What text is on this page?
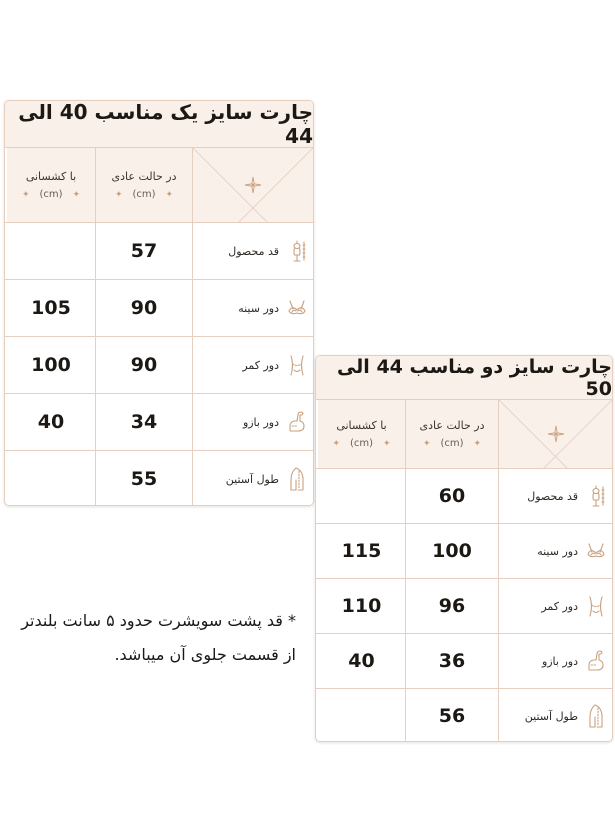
چارت سایز یک مناسب 40 الی 44
در حالت عادی
✦ (cm) ✦
با کشسانی
✦ (cm) ✦
قد محصول
57
دور سینه
90
105
دور کمر
90
100
دور بازو
34
40
طول آستین
55
چارت سایز دو مناسب 44 الی 50
در حالت عادی
✦ (cm) ✦
با کشسانی
✦ (cm) ✦
قد محصول
60
دور سینه
100
115
دور کمر
96
110
دور بازو
36
40
طول آستین
56
* قد پشت سویشرت حدود ۵ سانت بلندتر از قسمت جلوی آن میباشد.
